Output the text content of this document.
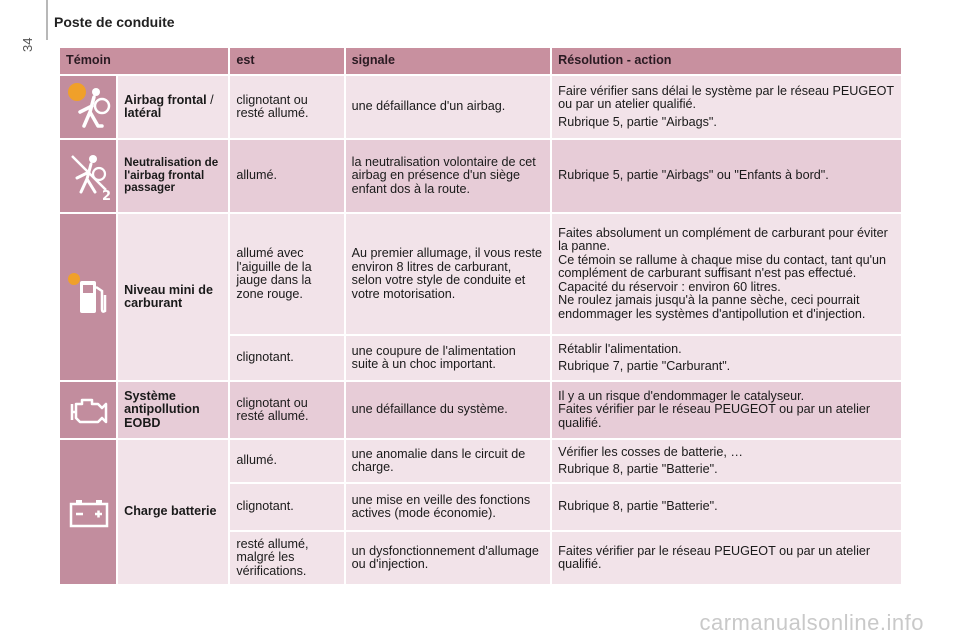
Poste de conduite
34
Témoin		est	signale	Résolution - action

	Airbag frontal / latéral	clignotant ou resté allumé.	une défaillance d'un airbag.	Faire vérifier sans délai le système par le réseau PEUGEOT ou par un atelier qualifié.

Rubrique 5, partie "Airbags".

2	Neutralisation de l'airbag frontal passager	allumé.	la neutralisation volontaire de cet airbag en présence d'un siège enfant dos à la route.	Rubrique 5, partie "Airbags" ou "Enfants à bord".

	Niveau mini de carburant	allumé avec l'aiguille de la jauge dans la zone rouge.	Au premier allumage, il vous reste environ 8 litres de carburant, selon votre style de conduite et votre motorisation.	Faites absolument un complément de carburant pour éviter la panne.
Ce témoin se rallume à chaque mise du contact, tant qu'un complément de carburant suffisant n'est pas effectué.
Capacité du réservoir : environ 60 litres.
Ne roulez jamais jusqu'à la panne sèche, ceci pourrait endommager les systèmes d'antipollution et d'injection.

		clignotant.	une coupure de l'alimentation suite à un choc important.	Rétablir l'alimentation.

Rubrique 7, partie "Carburant".

	Système antipollution EOBD	clignotant ou resté allumé.	une défaillance du système.	Il y a un risque d'endommager le catalyseur.
Faites vérifier par le réseau PEUGEOT ou par un atelier qualifié.

	Charge batterie	allumé.	une anomalie dans le circuit de charge.	Vérifier les cosses de batterie, …

Rubrique 8, partie "Batterie".

		clignotant.	une mise en veille des fonctions actives (mode économie).	Rubrique 8, partie "Batterie".

		resté allumé, malgré les vérifications.	un dysfonctionnement d'allumage ou d'injection.	Faites vérifier par le réseau PEUGEOT ou par un atelier qualifié.

carmanualsonline.info
